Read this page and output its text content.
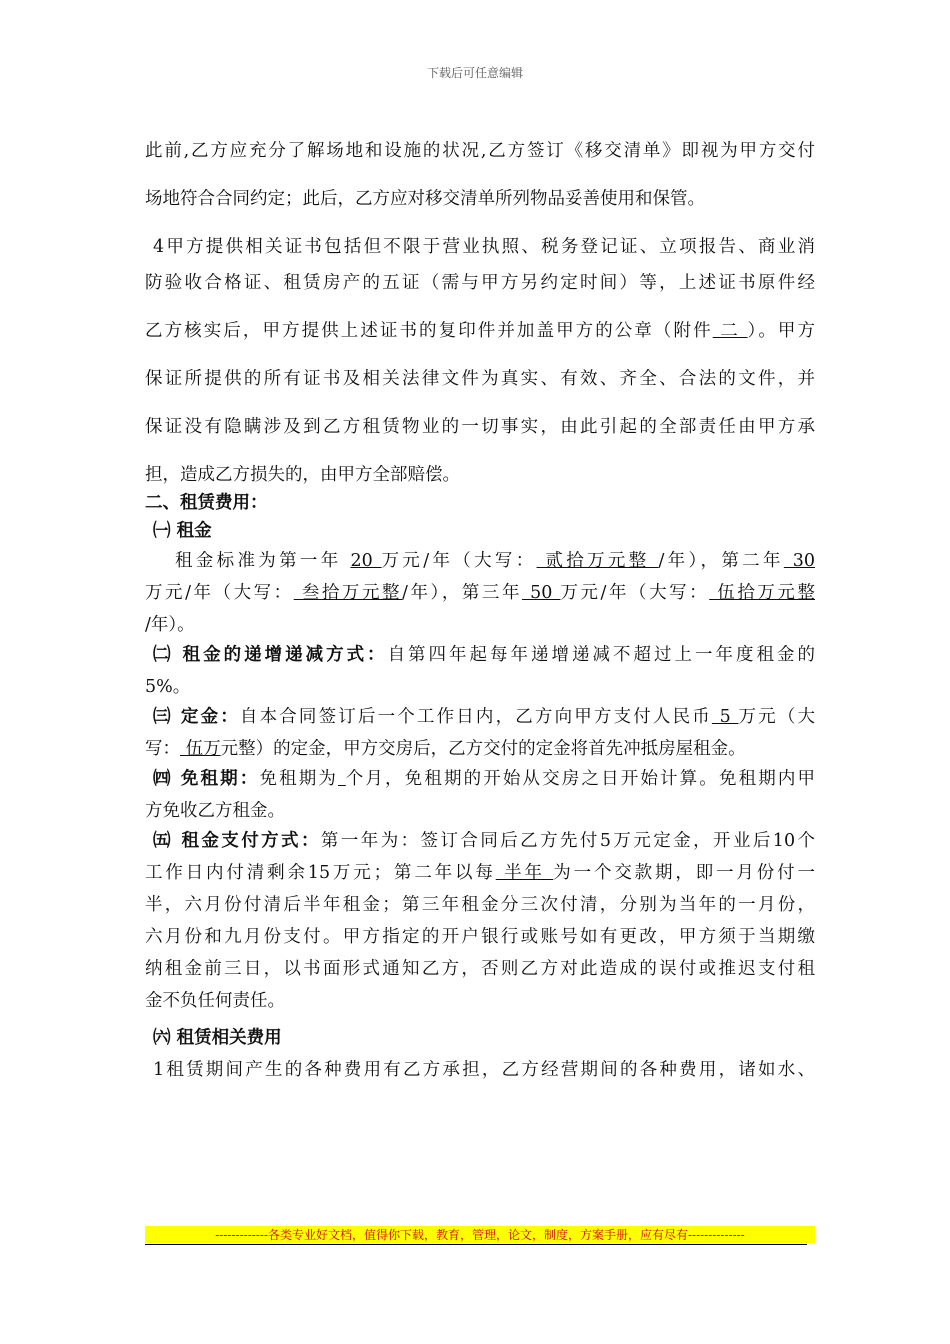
下载后可任意编辑
此前,乙方应充分了解场地和设施的状况,乙方签订《移交清单》即视为甲方交付
场地符合合同约定；此后，乙方应对移交清单所列物品妥善使用和保管。
4甲方提供相关证书包括但不限于营业执照、税务登记证、立项报告、商业消
防验收合格证、租赁房产的五证（需与甲方另约定时间）等，上述证书原件经
乙方核实后，甲方提供上述证书的复印件并加盖甲方的公章（附件 二 ）。甲方
保证所提供的所有证书及相关法律文件为真实、有效、齐全、合法的文件，并
保证没有隐瞒涉及到乙方租赁物业的一切事实，由此引起的全部责任由甲方承
担，造成乙方损失的，由甲方全部赔偿。
二、租赁费用：
㈠ 租金
租金标准为第一年 20 万元/年（大写： 贰拾万元整 /年），第二年 30
万元/年（大写： 叁拾万元整/年），第三年 50 万元/年（大写： 伍拾万元整
/年）。
㈡ 租金的递增递减方式：自第四年起每年递增递减不超过上一年度租金的
5%。
㈢ 定金：自本合同签订后一个工作日内，乙方向甲方支付人民币 5 万元（大
写： 伍万元整）的定金，甲方交房后，乙方交付的定金将首先冲抵房屋租金。
㈣ 免租期：免租期为 个月，免租期的开始从交房之日开始计算。免租期内甲
方免收乙方租金。
㈤ 租金支付方式：第一年为：签订合同后乙方先付5万元定金，开业后10个
工作日内付清剩余15万元；第二年以每 半年 为一个交款期，即一月份付一
半，六月份付清后半年租金；第三年租金分三次付清，分别为当年的一月份，
六月份和九月份支付。甲方指定的开户银行或账号如有更改，甲方须于当期缴
纳租金前三日，以书面形式通知乙方，否则乙方对此造成的误付或推迟支付租
金不负任何责任。
㈥ 租赁相关费用
1租赁期间产生的各种费用有乙方承担，乙方经营期间的各种费用，诸如水、
-------------各类专业好文档，值得你下载，教育，管理，论文，制度，方案手册，应有尽有--------------
